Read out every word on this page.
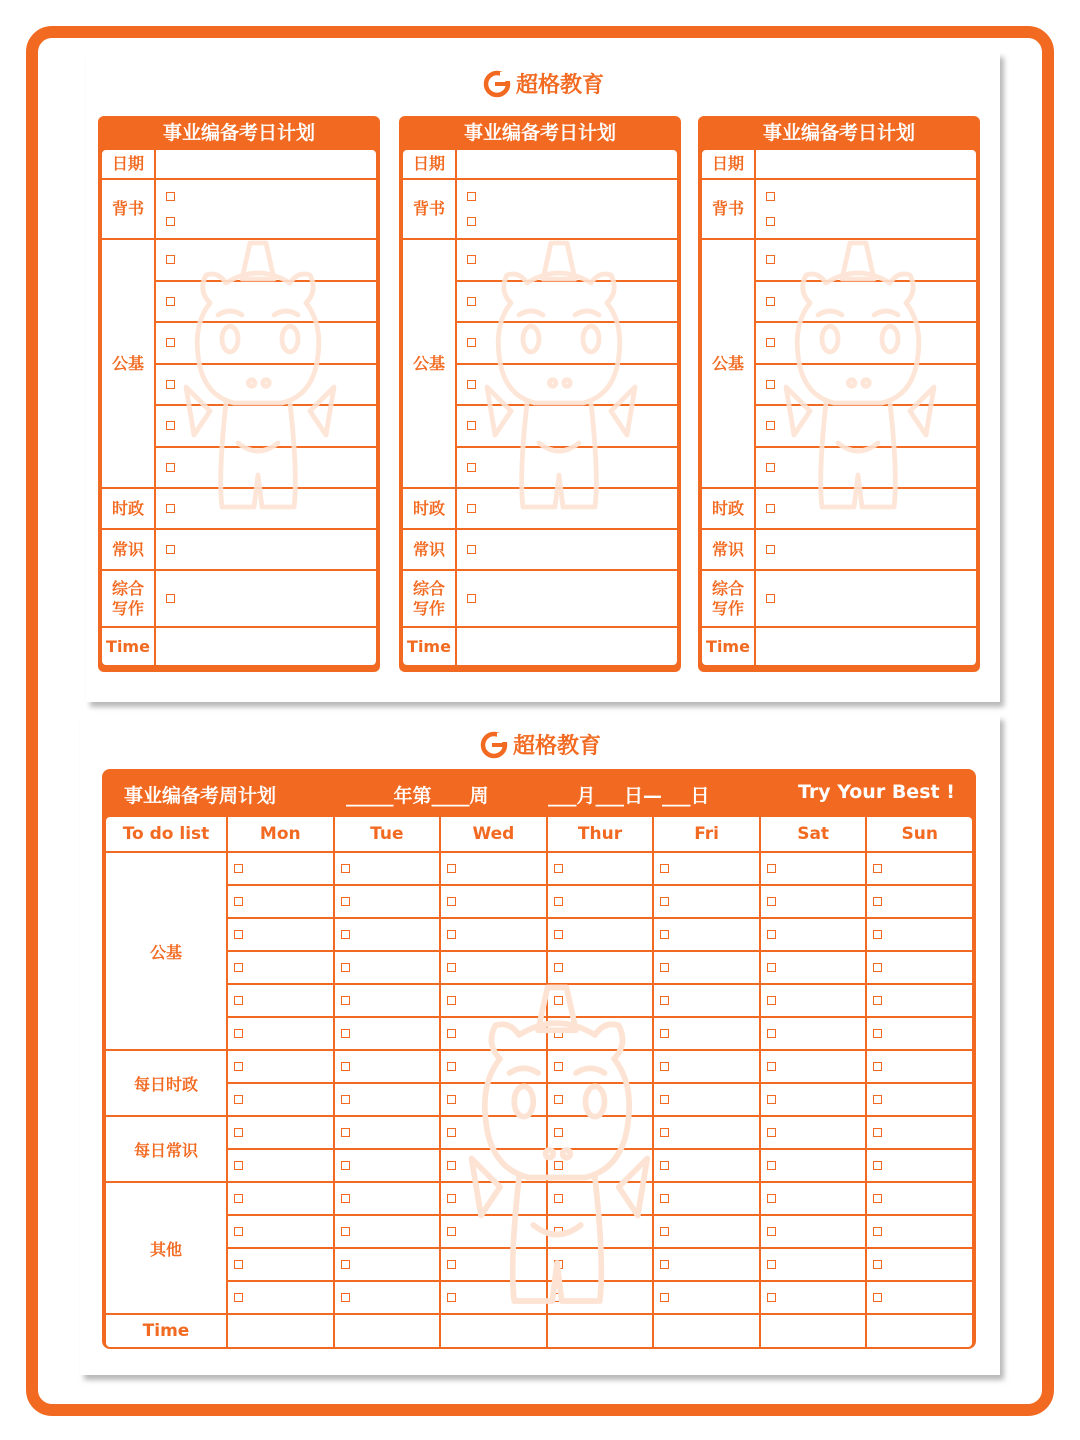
超格教育
事业编备考日计划
日期
背书
公基
时政
常识
综合
写作
Time
事业编备考日计划
日期
背书
公基
时政
常识
综合
写作
Time
事业编备考日计划
日期
背书
公基
时政
常识
综合
写作
Time
超格教育
事业编备考周计划	_____年第____周	___月___日—___日	Try Your Best !
To do list	Mon	Tue	Wed	Thur	Fri	Sat	Sun
公基
每日时政
每日常识
其他
Time
